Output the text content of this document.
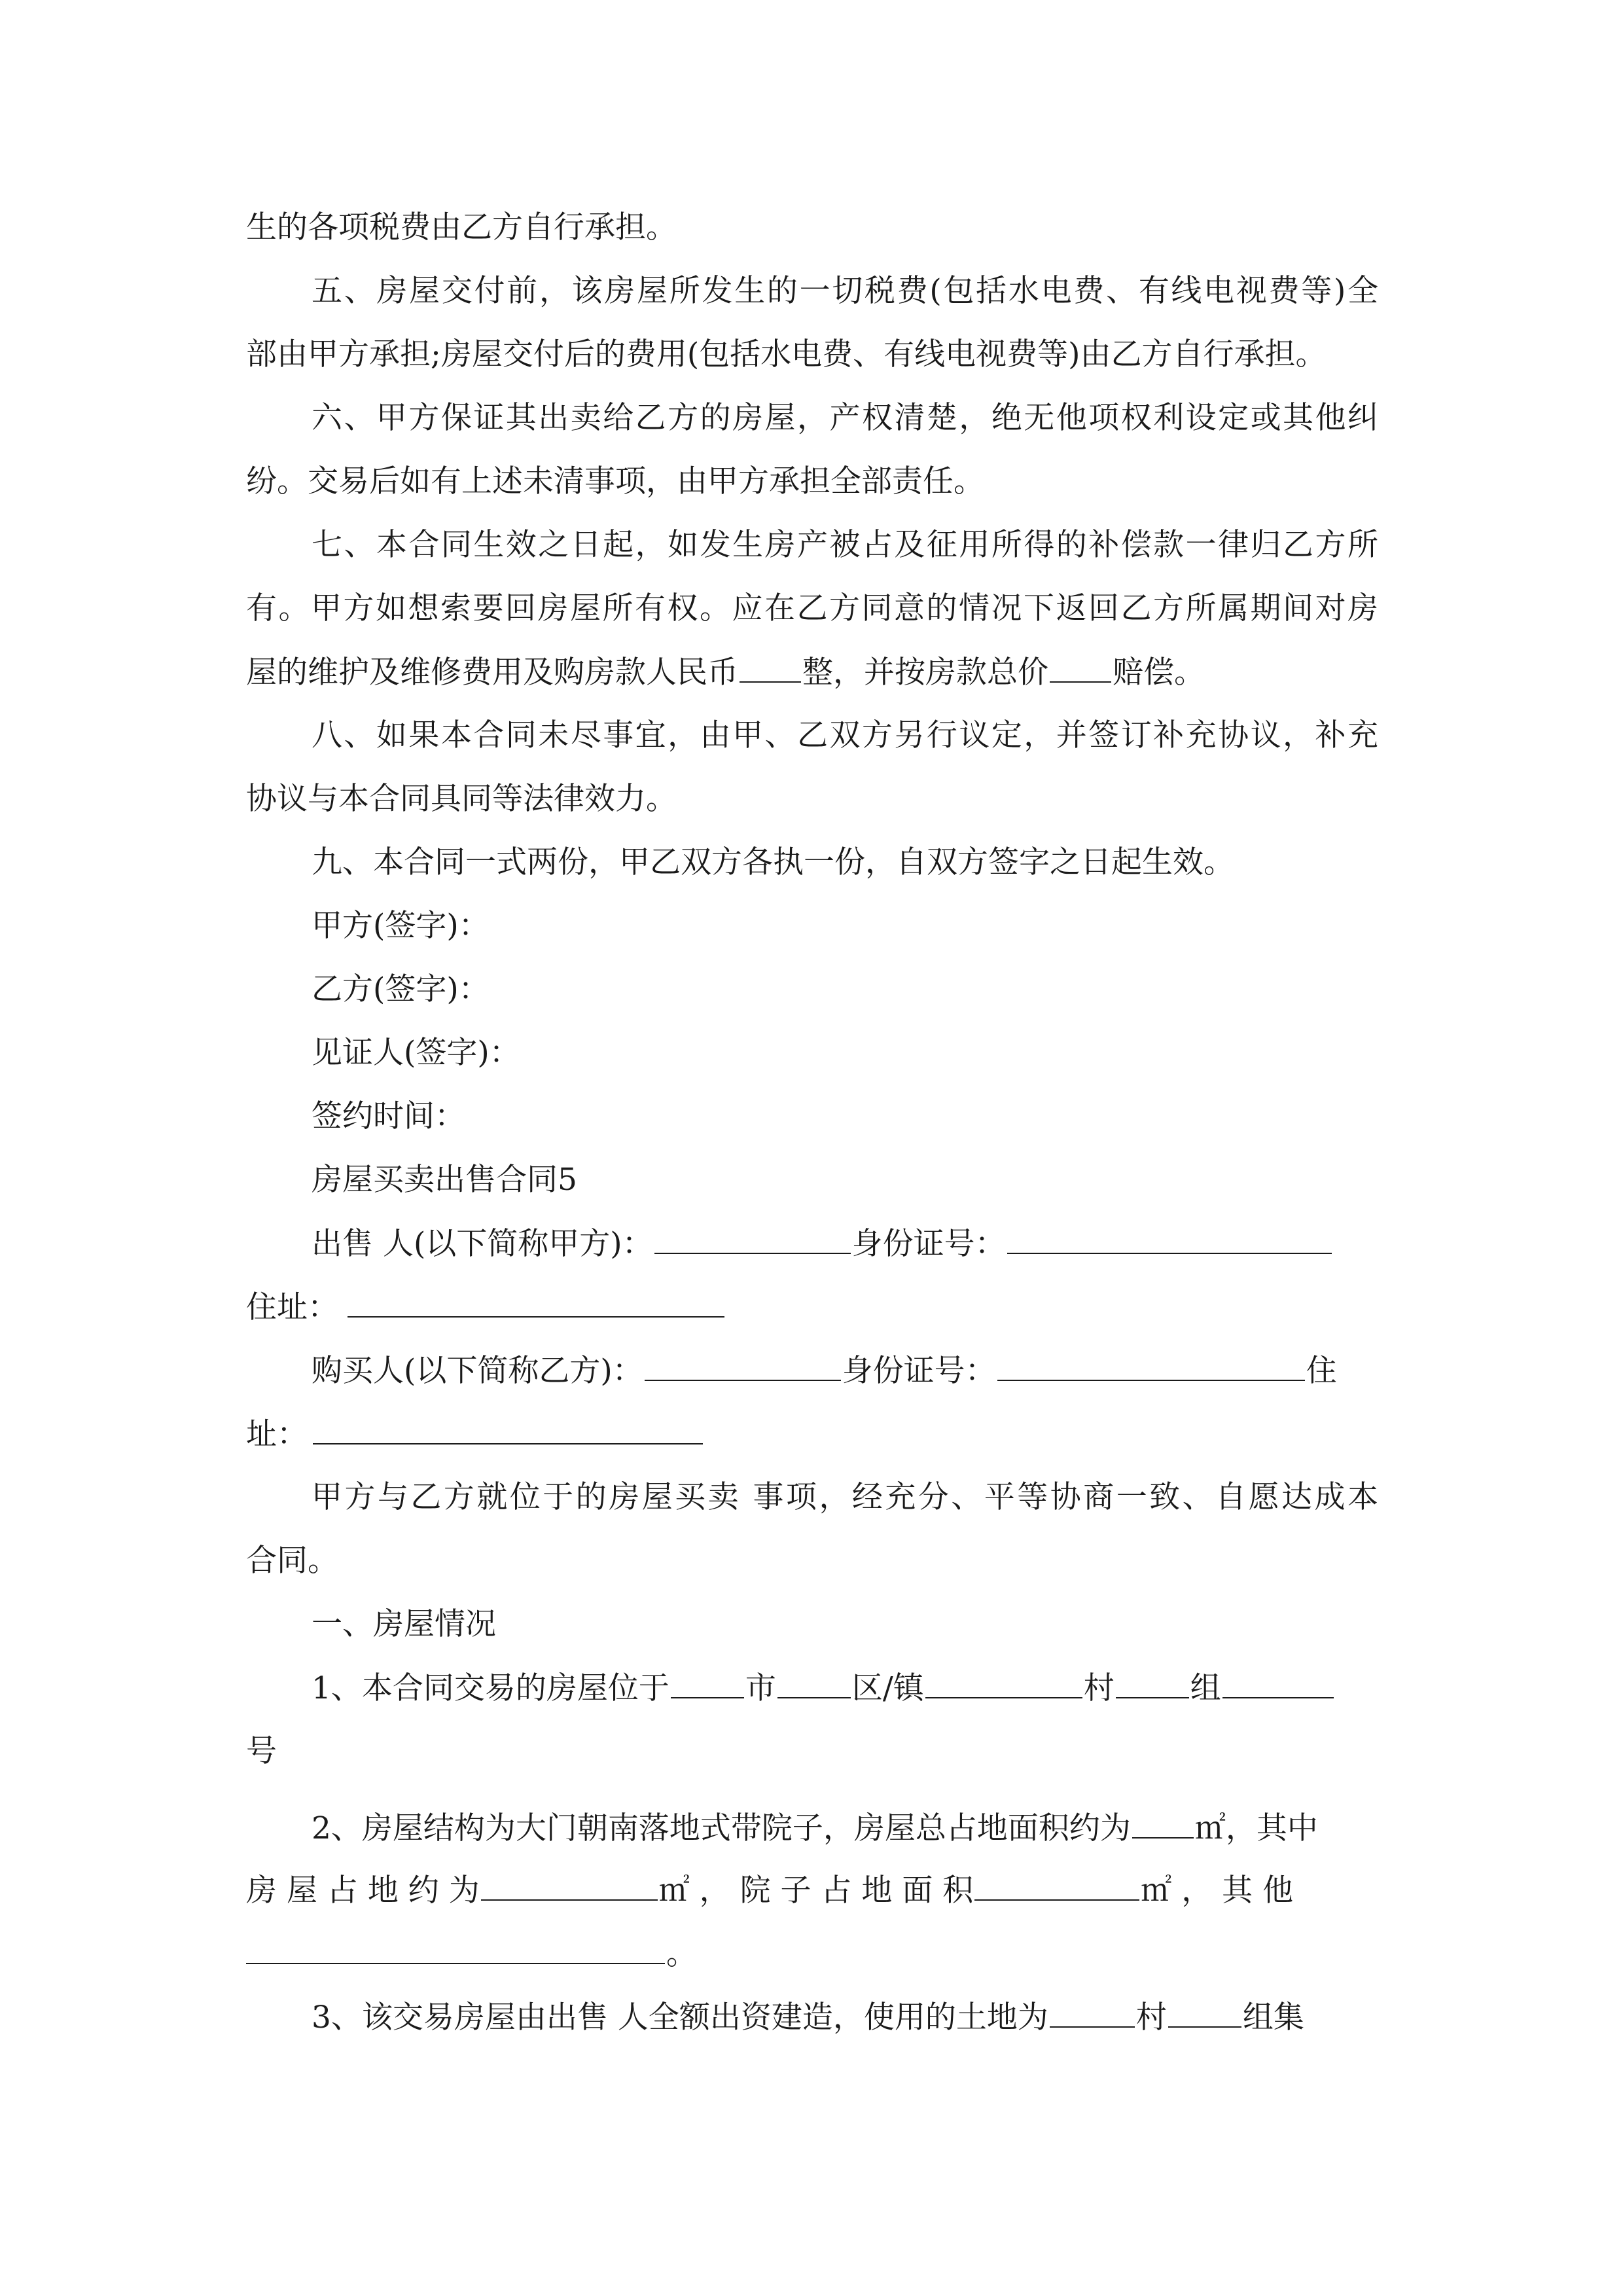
生的各项税费由乙方自行承担。
五、房屋交付前，该房屋所发生的一切税费(包括水电费、有线电视费等)全
部由甲方承担;房屋交付后的费用(包括水电费、有线电视费等)由乙方自行承担。
六、甲方保证其出卖给乙方的房屋，产权清楚，绝无他项权利设定或其他纠
纷。交易后如有上述未清事项，由甲方承担全部责任。
七、本合同生效之日起，如发生房产被占及征用所得的补偿款一律归乙方所
有。甲方如想索要回房屋所有权。应在乙方同意的情况下返回乙方所属期间对房
屋的维护及维修费用及购房款人民币 整，并按房款总价 赔偿。
八、如果本合同未尽事宜，由甲、乙双方另行议定，并签订补充协议，补充
协议与本合同具同等法律效力。
九、本合同一式两份，甲乙双方各执一份，自双方签字之日起生效。
甲方(签字)：
乙方(签字)：
见证人(签字)：
签约时间：
房屋买卖出售合同5
出售 人(以下简称甲方)：	身份证号：
住址：
购买人(以下简称乙方)：	身份证号：	住
址：
甲方与乙方就位于的房屋买卖 事项，经充分、平等协商一致、自愿达成本
合同。
一、房屋情况
1、本合同交易的房屋位于 市 区/镇	村 组
号
2、房屋结构为大门朝南落地式带院子，房屋总占地面积约为 ㎡，其中
房 屋 占 地 约 为	㎡ ， 院 子 占 地 面 积	㎡ ， 其 他
。
3、该交易房屋由出售 人全额出资建造，使用的土地为	村 组集
